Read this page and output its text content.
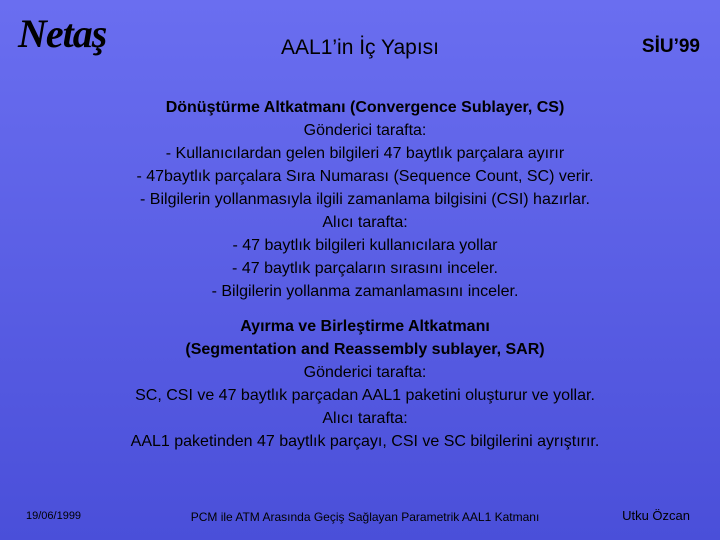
Netaş	AAL1’in İç Yapısı	SİU’99
Dönüştürme Altkatmanı (Convergence Sublayer, CS)
Gönderici tarafta:
- Kullanıcılardan gelen bilgileri 47 baytlık parçalara ayırır
- 47baytlık parçalara Sıra Numarası (Sequence Count, SC) verir.
- Bilgilerin yollanmasıyla ilgili zamanlama bilgisini (CSI) hazırlar.
Alıcı tarafta:
- 47 baytlık bilgileri kullanıcılara yollar
- 47 baytlık parçaların sırasını inceler.
- Bilgilerin yollanma zamanlamasını inceler.
Ayırma ve Birleştirme Altkatmanı
(Segmentation and Reassembly sublayer, SAR)
Gönderici tarafta:
SC, CSI ve 47 baytlık parçadan AAL1 paketini oluşturur ve yollar.
Alıcı tarafta:
AAL1 paketinden 47 baytlık parçayı, CSI ve SC bilgilerini ayrıştırır.
19/06/1999	PCM ile ATM Arasında Geçiş Sağlayan Parametrik AAL1 Katmanı	Utku Özcan
